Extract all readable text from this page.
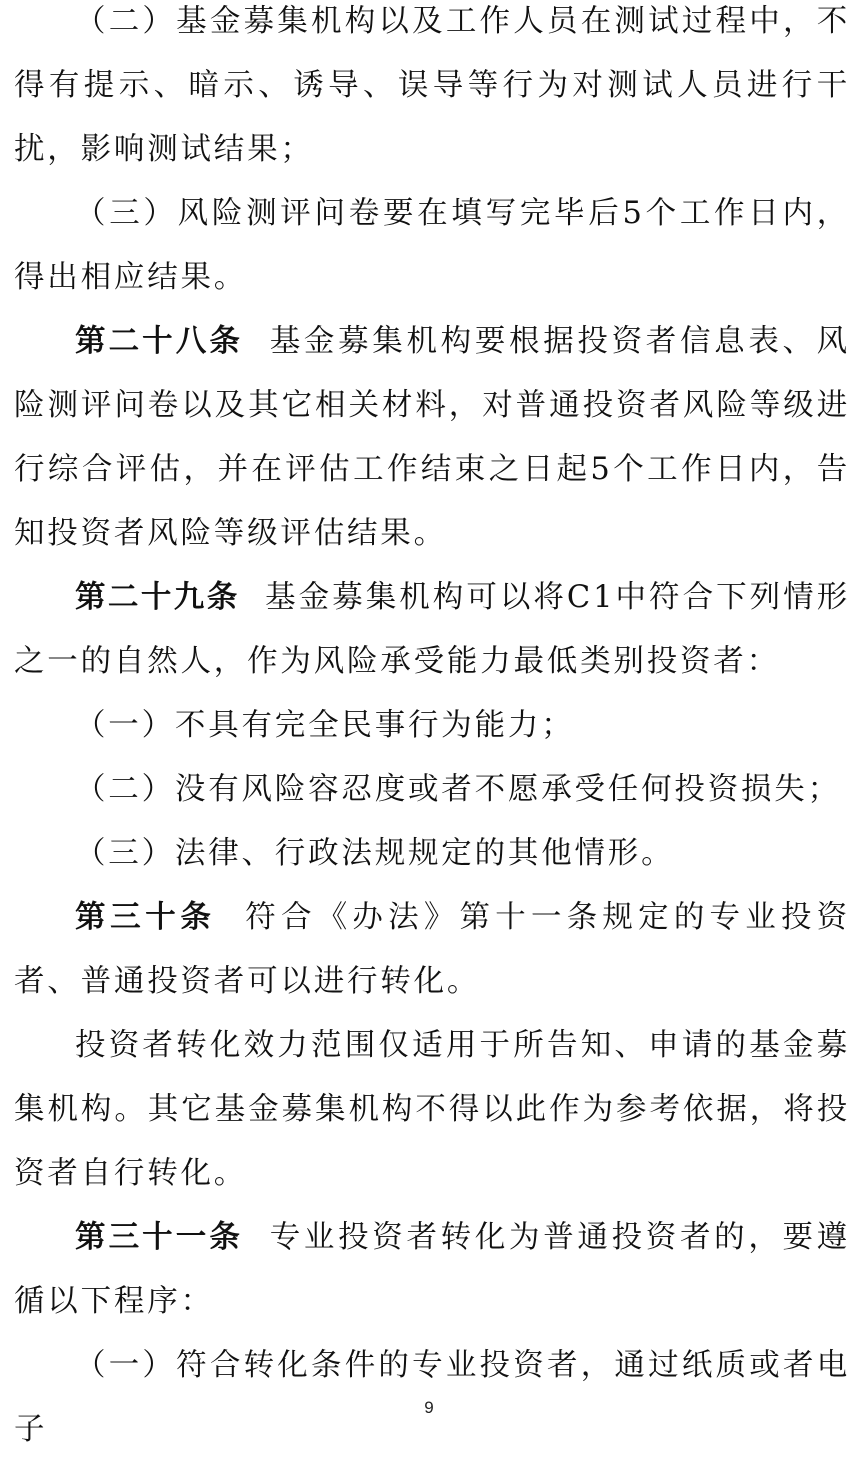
（二）基金募集机构以及工作人员在测试过程中，不得有提示、暗示、诱导、误导等行为对测试人员进行干扰，影响测试结果；

（三）风险测评问卷要在填写完毕后5个工作日内，得出相应结果。

第二十八条 基金募集机构要根据投资者信息表、风险测评问卷以及其它相关材料，对普通投资者风险等级进行综合评估，并在评估工作结束之日起5个工作日内，告知投资者风险等级评估结果。

第二十九条 基金募集机构可以将C1中符合下列情形之一的自然人，作为风险承受能力最低类别投资者：

（一）不具有完全民事行为能力；

（二）没有风险容忍度或者不愿承受任何投资损失；

（三）法律、行政法规规定的其他情形。

第三十条 符合《办法》第十一条规定的专业投资者、普通投资者可以进行转化。

投资者转化效力范围仅适用于所告知、申请的基金募集机构。其它基金募集机构不得以此作为参考依据，将投资者自行转化。

第三十一条 专业投资者转化为普通投资者的，要遵循以下程序：

（一）符合转化条件的专业投资者，通过纸质或者电子

9
